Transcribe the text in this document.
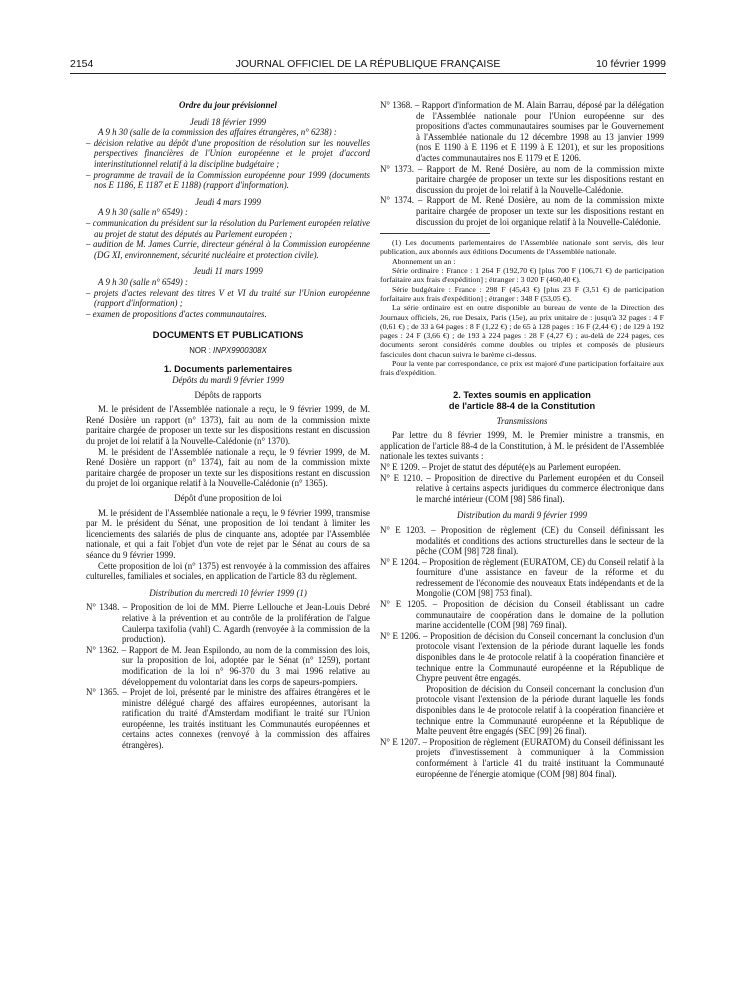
2154	JOURNAL OFFICIEL DE LA RÉPUBLIQUE FRANÇAISE	10 février 1999

Ordre du jour prévisionnel

Jeudi 18 février 1999

A 9 h 30 (salle de la commission des affaires étrangères, n° 6238) :

– décision relative au dépôt d'une proposition de résolution sur les nouvelles perspectives financières de l'Union européenne et le projet d'accord interinstitutionnel relatif à la discipline budgétaire ;

– programme de travail de la Commission européenne pour 1999 (documents nos E 1186, E 1187 et E 1188) (rapport d'information).

Jeudi 4 mars 1999

A 9 h 30 (salle n° 6549) :

– communication du président sur la résolution du Parlement européen relative au projet de statut des députés au Parlement européen ;

– audition de M. James Currie, directeur général à la Commission européenne (DG XI, environnement, sécurité nucléaire et protection civile).

Jeudi 11 mars 1999

A 9 h 30 (salle n° 6549) :

– projets d'actes relevant des titres V et VI du traité sur l'Union européenne (rapport d'information) ;

– examen de propositions d'actes communautaires.

DOCUMENTS ET PUBLICATIONS

NOR : INPX9900308X

1. Documents parlementaires

Dépôts du mardi 9 février 1999

Dépôts de rapports

M. le président de l'Assemblée nationale a reçu, le 9 février 1999, de M. René Dosière un rapport (n° 1373), fait au nom de la commission mixte paritaire chargée de proposer un texte sur les dispositions restant en discussion du projet de loi relatif à la Nouvelle-Calédonie (n° 1370).

M. le président de l'Assemblée nationale a reçu, le 9 février 1999, de M. René Dosière un rapport (n° 1374), fait au nom de la commission mixte paritaire chargée de proposer un texte sur les dispositions restant en discussion du projet de loi organique relatif à la Nouvelle-Calédonie (n° 1365).

Dépôt d'une proposition de loi

M. le président de l'Assemblée nationale a reçu, le 9 février 1999, transmise par M. le président du Sénat, une proposition de loi tendant à limiter les licenciements des salariés de plus de cinquante ans, adoptée par l'Assemblée nationale, et qui a fait l'objet d'un vote de rejet par le Sénat au cours de sa séance du 9 février 1999.

Cette proposition de loi (n° 1375) est renvoyée à la commission des affaires culturelles, familiales et sociales, en application de l'article 83 du règlement.

Distribution du mercredi 10 février 1999 (1)

N° 1348. – Proposition de loi de MM. Pierre Lellouche et Jean-Louis Debré relative à la prévention et au contrôle de la prolifération de l'algue Caulerpa taxifolia (vahl) C. Agardh (renvoyée à la commission de la production).

N° 1362. – Rapport de M. Jean Espilondo, au nom de la commission des lois, sur la proposition de loi, adoptée par le Sénat (n° 1259), portant modification de la loi n° 96-370 du 3 mai 1996 relative au développement du volontariat dans les corps de sapeurs-pompiers.

N° 1365. – Projet de loi, présenté par le ministre des affaires étrangères et le ministre délégué chargé des affaires européennes, autorisant la ratification du traité d'Amsterdam modifiant le traité sur l'Union européenne, les traités instituant les Communautés européennes et certains actes connexes (renvoyé à la commission des affaires étrangères).

N° 1368. – Rapport d'information de M. Alain Barrau, déposé par la délégation de l'Assemblée nationale pour l'Union européenne sur des propositions d'actes communautaires soumises par le Gouvernement à l'Assemblée nationale du 12 décembre 1998 au 13 janvier 1999 (nos E 1190 à E 1196 et E 1199 à E 1201), et sur les propositions d'actes communautaires nos E 1179 et E 1206.

N° 1373. – Rapport de M. René Dosière, au nom de la commission mixte paritaire chargée de proposer un texte sur les dispositions restant en discussion du projet de loi relatif à la Nouvelle-Calédonie.

N° 1374. – Rapport de M. René Dosière, au nom de la commission mixte paritaire chargée de proposer un texte sur les dispositions restant en discussion du projet de loi organique relatif à la Nouvelle-Calédonie.

(1) Les documents parlementaires de l'Assemblée nationale sont servis, dès leur publication, aux abonnés aux éditions Documents de l'Assemblée nationale.

Abonnement un an :

Série ordinaire : France : 1 264 F (192,70 €) [plus 700 F (106,71 €) de participation forfaitaire aux frais d'expédition] ; étranger : 3 020 F (460,40 €).

Série budgétaire : France : 298 F (45,43 €) [plus 23 F (3,51 €) de participation forfaitaire aux frais d'expédition] ; étranger : 348 F (53,05 €).

La série ordinaire est en outre disponible au bureau de vente de la Direction des Journaux officiels, 26, rue Desaix, Paris (15e), au prix unitaire de : jusqu'à 32 pages : 4 F (0,61 €) ; de 33 à 64 pages : 8 F (1,22 €) ; de 65 à 128 pages : 16 F (2,44 €) ; de 129 à 192 pages : 24 F (3,66 €) ; de 193 à 224 pages : 28 F (4,27 €) ; au-delà de 224 pages, ces documents seront considérés comme doubles ou triples et composés de plusieurs fascicules dont chacun suivra le barème ci-dessus.

Pour la vente par correspondance, ce prix est majoré d'une participation forfaitaire aux frais d'expédition.

2. Textes soumis en application

de l'article 88-4 de la Constitution

Transmissions

Par lettre du 8 février 1999, M. le Premier ministre a transmis, en application de l'article 88-4 de la Constitution, à M. le président de l'Assemblée nationale les textes suivants :

N° E 1209. – Projet de statut des député(e)s au Parlement européen.

N° E 1210. – Proposition de directive du Parlement européen et du Conseil relative à certains aspects juridiques du commerce électronique dans le marché intérieur (COM [98] 586 final).

Distribution du mardi 9 février 1999

N° E 1203. – Proposition de règlement (CE) du Conseil définissant les modalités et conditions des actions structurelles dans le secteur de la pêche (COM [98] 728 final).

N° E 1204. – Proposition de règlement (EURATOM, CE) du Conseil relatif à la fourniture d'une assistance en faveur de la réforme et du redressement de l'économie des nouveaux Etats indépendants et de la Mongolie (COM [98] 753 final).

N° E 1205. – Proposition de décision du Conseil établissant un cadre communautaire de coopération dans le domaine de la pollution marine accidentelle (COM [98] 769 final).

N° E 1206. – Proposition de décision du Conseil concernant la conclusion d'un protocole visant l'extension de la période durant laquelle les fonds disponibles dans le 4e protocole relatif à la coopération financière et technique entre la Communauté européenne et la République de Chypre peuvent être engagés.

Proposition de décision du Conseil concernant la conclusion d'un protocole visant l'extension de la période durant laquelle les fonds disponibles dans le 4e protocole relatif à la coopération financière et technique entre la Communauté européenne et la République de Malte peuvent être engagés (SEC [99] 26 final).

N° E 1207. – Proposition de règlement (EURATOM) du Conseil définissant les projets d'investissement à communiquer à la Commission conformément à l'article 41 du traité instituant la Communauté européenne de l'énergie atomique (COM [98] 804 final).
